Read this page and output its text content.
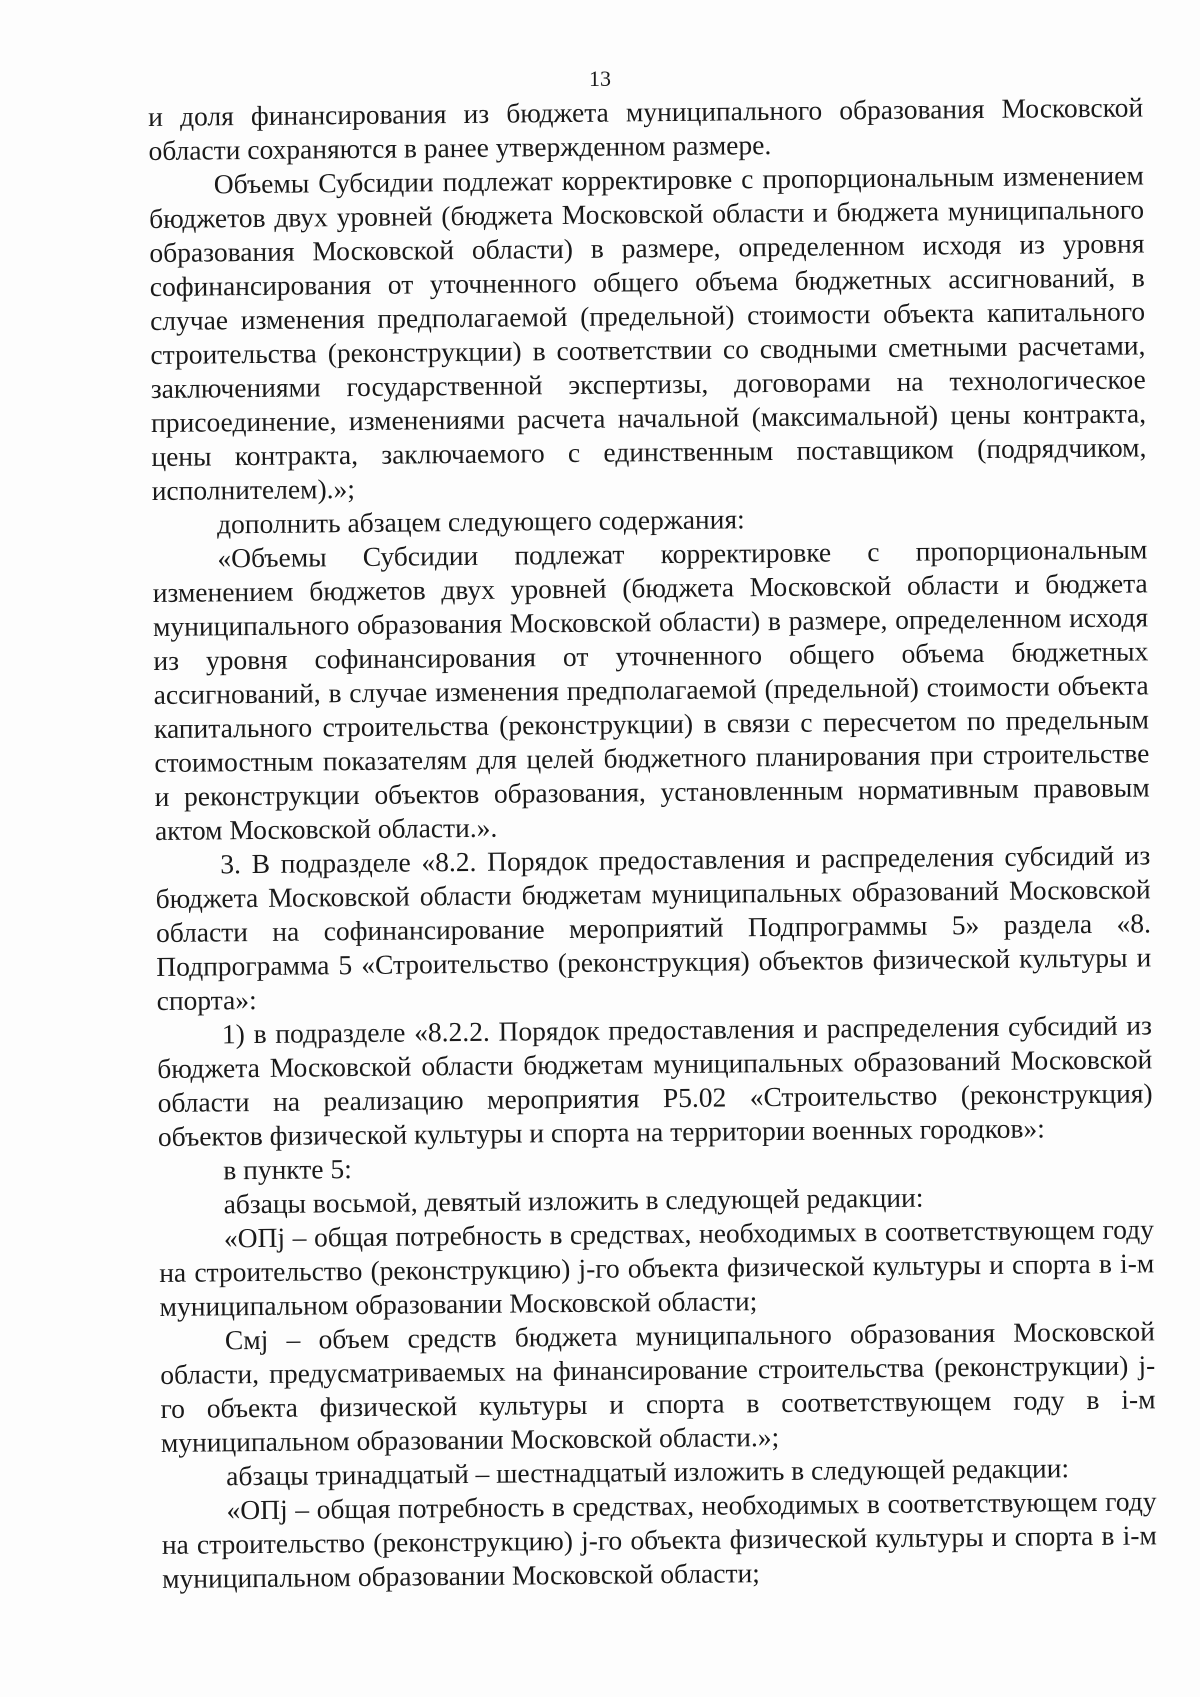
13

и доля финансирования из бюджета муниципального образования Московской области сохраняются в ранее утвержденном размере.

Объемы Субсидии подлежат корректировке с пропорциональным изменением бюджетов двух уровней (бюджета Московской области и бюджета муниципального образования Московской области) в размере, определенном исходя из уровня софинансирования от уточненного общего объема бюджетных ассигнований, в случае изменения предполагаемой (предельной) стоимости объекта капитального строительства (реконструкции) в соответствии со сводными сметными расчетами, заключениями государственной экспертизы, договорами на технологическое присоединение, изменениями расчета начальной (максимальной) цены контракта, цены контракта, заключаемого с единственным поставщиком (подрядчиком, исполнителем).»;

дополнить абзацем следующего содержания:

«Объемы Субсидии подлежат корректировке с пропорциональным изменением бюджетов двух уровней (бюджета Московской области и бюджета муниципального образования Московской области) в размере, определенном исходя из уровня софинансирования от уточненного общего объема бюджетных ассигнований, в случае изменения предполагаемой (предельной) стоимости объекта капитального строительства (реконструкции) в связи с пересчетом по предельным стоимостным показателям для целей бюджетного планирования при строительстве и реконструкции объектов образования, установленным нормативным правовым актом Московской области.».

3. В подразделе «8.2. Порядок предоставления и распределения субсидий из бюджета Московской области бюджетам муниципальных образований Московской области на софинансирование мероприятий Подпрограммы 5» раздела «8. Подпрограмма 5 «Строительство (реконструкция) объектов физической культуры и спорта»:

1) в подразделе «8.2.2. Порядок предоставления и распределения субсидий из бюджета Московской области бюджетам муниципальных образований Московской области на реализацию мероприятия Р5.02 «Строительство (реконструкция) объектов физической культуры и спорта на территории военных городков»:

в пункте 5:

абзацы восьмой, девятый изложить в следующей редакции:

«ОПj – общая потребность в средствах, необходимых в соответствующем году на строительство (реконструкцию) j-го объекта физической культуры и спорта в i-м муниципальном образовании Московской области;

Смj – объем средств бюджета муниципального образования Московской области, предусматриваемых на финансирование строительства (реконструкции) j-го объекта физической культуры и спорта в соответствующем году в i-м муниципальном образовании Московской области.»;

абзацы тринадцатый – шестнадцатый изложить в следующей редакции:

«ОПj – общая потребность в средствах, необходимых в соответствующем году на строительство (реконструкцию) j-го объекта физической культуры и спорта в i-м муниципальном образовании Московской области;
